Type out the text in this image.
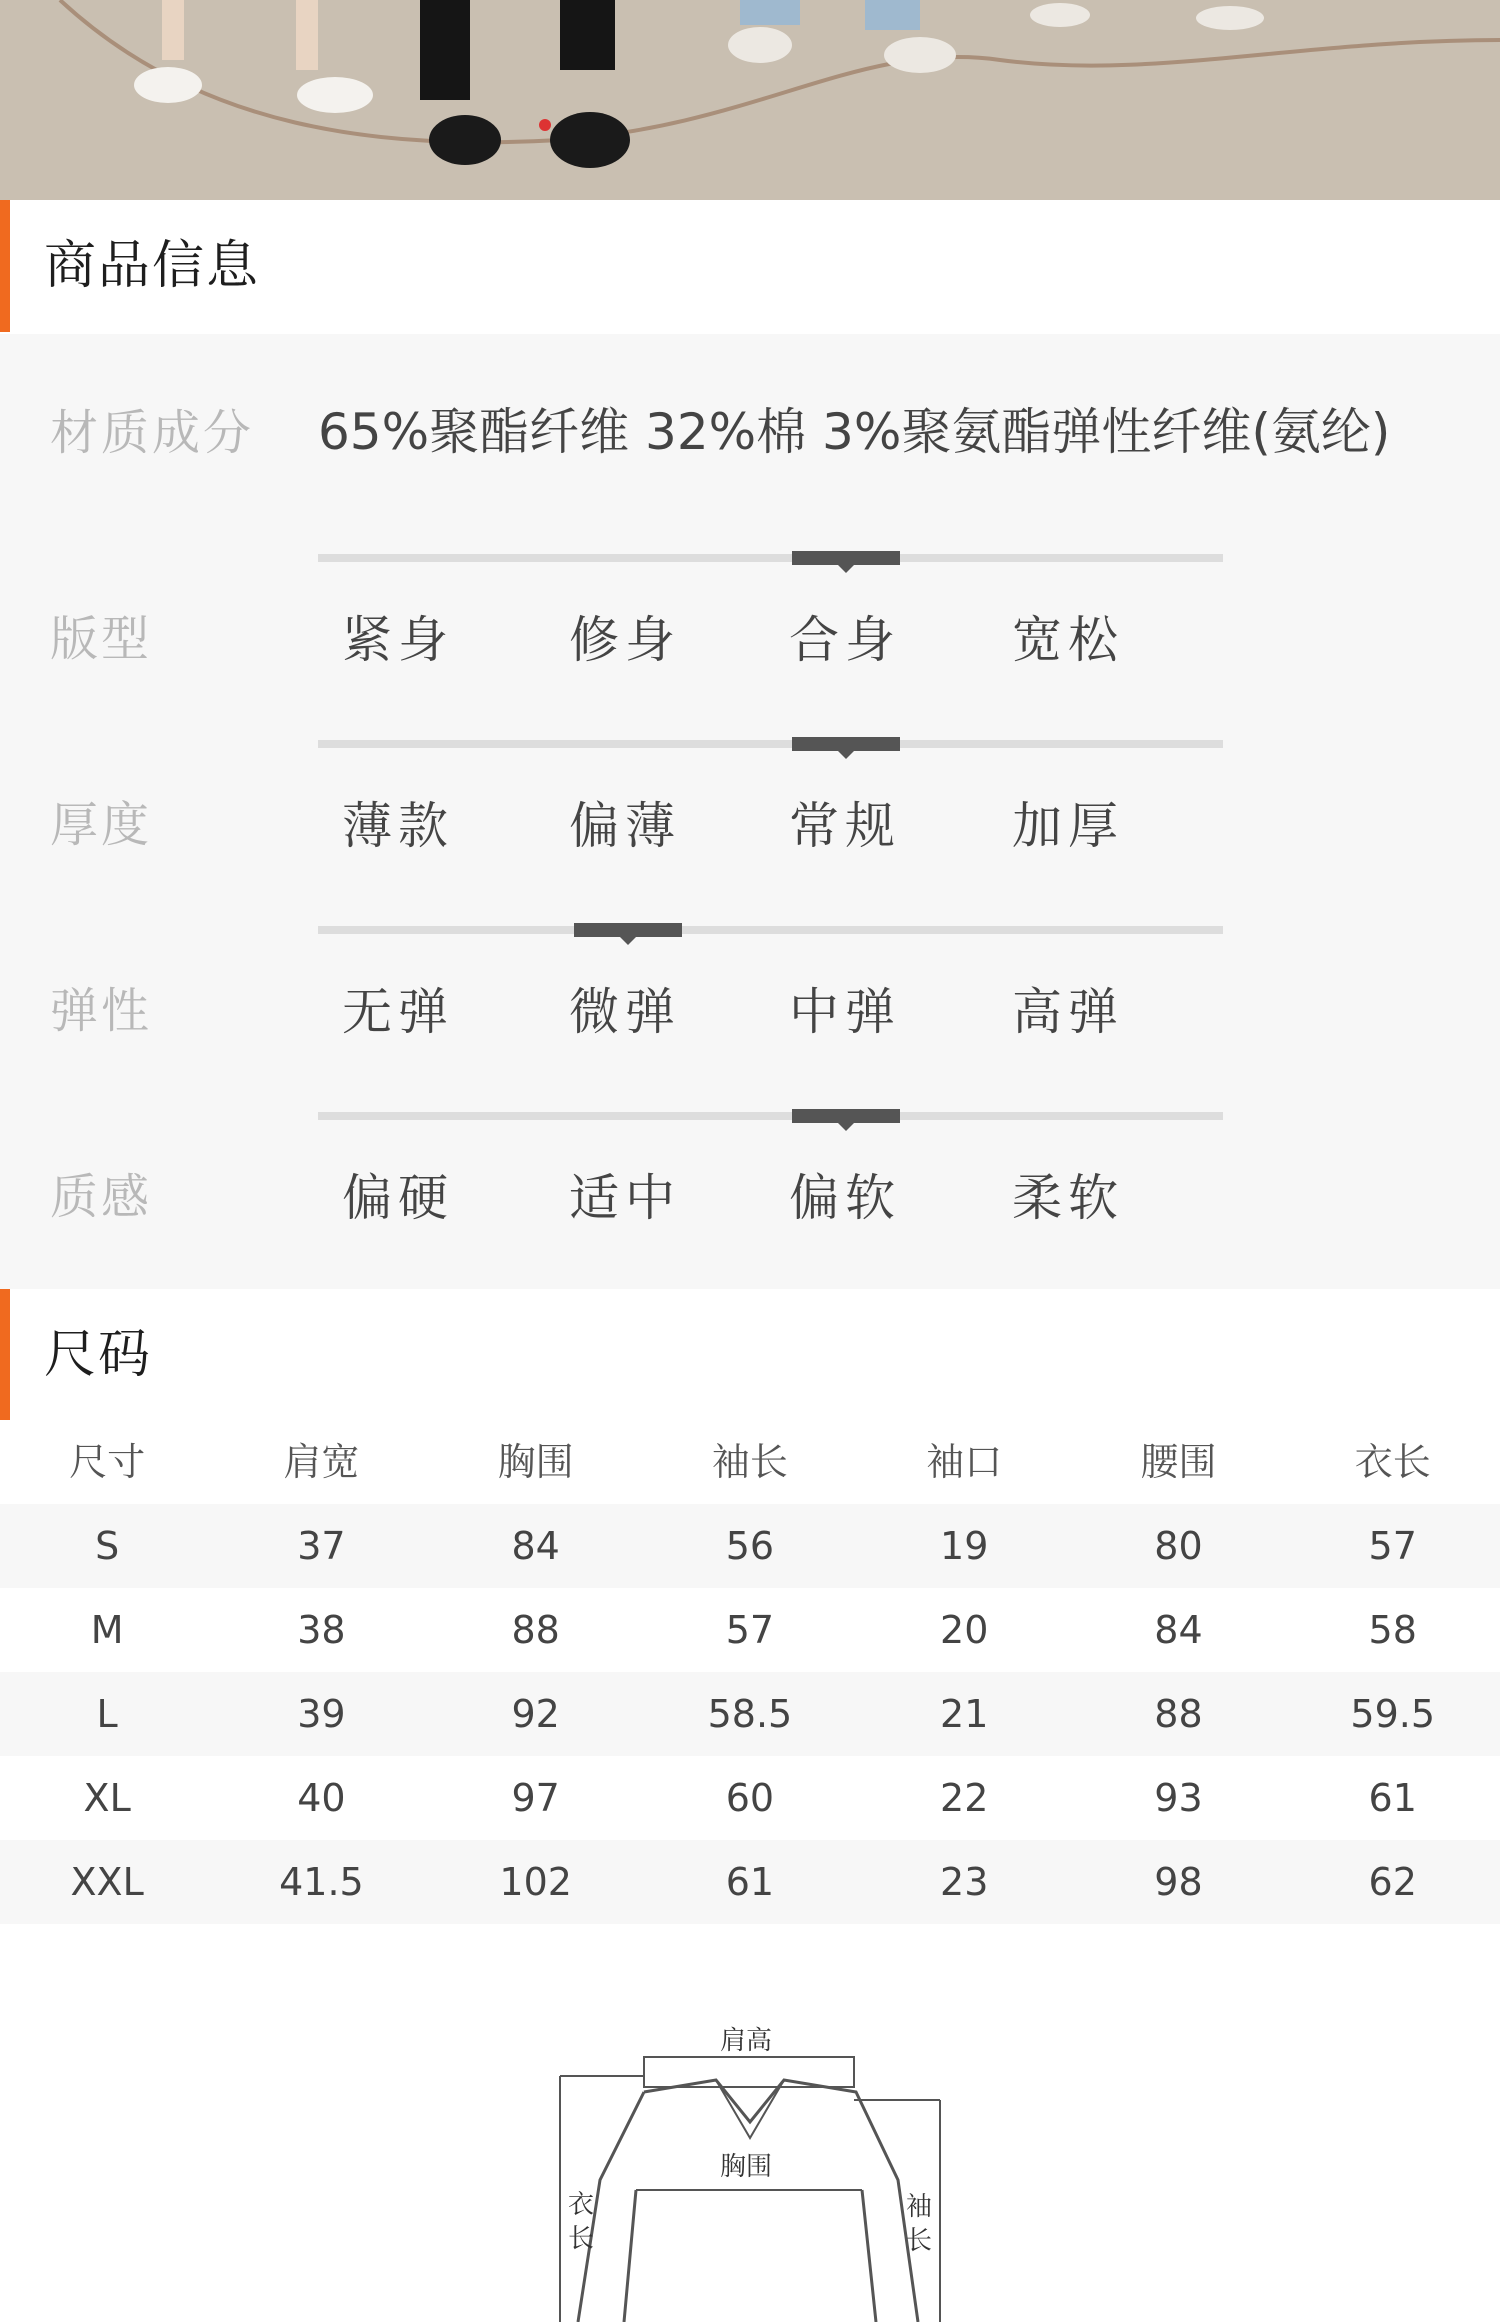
商品信息
材质成分 65%聚酯纤维 32%棉 3%聚氨酯弹性纤维(氨纶)
版型	紧身	修身	合身	宽松
厚度	薄款	偏薄	常规	加厚
弹性	无弹	微弹	中弹	高弹
质感	偏硬	适中	偏软	柔软
尺码
尺寸	肩宽	胸围	袖长	袖口	腰围	衣长
S	37	84	56	19	80	57
M	38	88	57	20	84	58
L	39	92	58.5	21	88	59.5
XL	40	97	60	22	93	61
XXL	41.5	102	61	23	98	62
肩高
胸围
衣
长
袖
长
